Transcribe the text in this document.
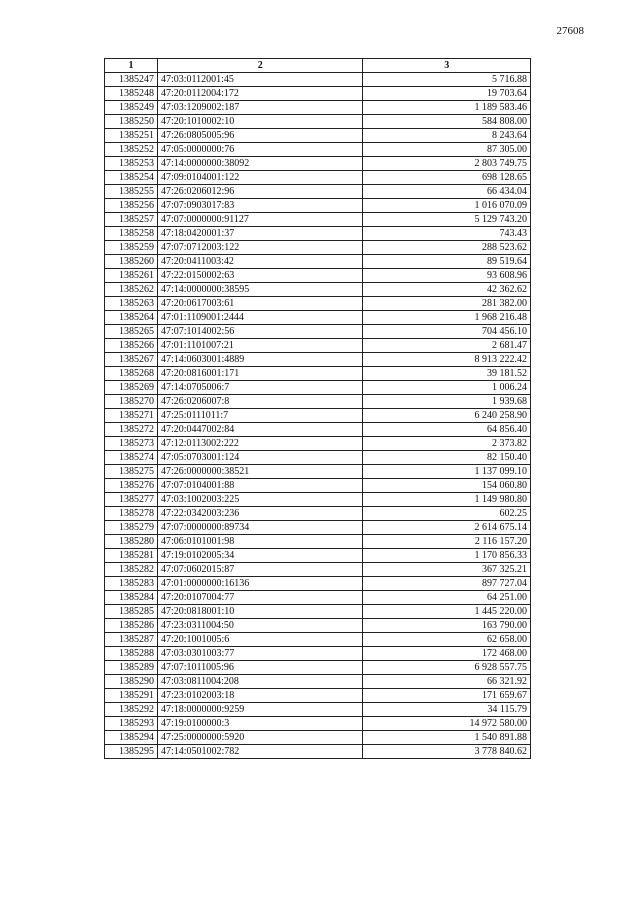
27608
1	2	3
1385247	47:03:0112001:45	5 716.88
1385248	47:20:0112004:172	19 703.64
1385249	47:03:1209002:187	1 189 583.46
1385250	47:20:1010002:10	584 808.00
1385251	47:26:0805005:96	8 243.64
1385252	47:05:0000000:76	87 305.00
1385253	47:14:0000000:38092	2 803 749.75
1385254	47:09:0104001:122	698 128.65
1385255	47:26:0206012:96	66 434.04
1385256	47:07:0903017:83	1 016 070.09
1385257	47:07:0000000:91127	5 129 743.20
1385258	47:18:0420001:37	743.43
1385259	47:07:0712003:122	288 523.62
1385260	47:20:0411003:42	89 519.64
1385261	47:22:0150002:63	93 608.96
1385262	47:14:0000000:38595	42 362.62
1385263	47:20:0617003:61	281 382.00
1385264	47:01:1109001:2444	1 968 216.48
1385265	47:07:1014002:56	704 456.10
1385266	47:01:1101007:21	2 681.47
1385267	47:14:0603001:4889	8 913 222.42
1385268	47:20:0816001:171	39 181.52
1385269	47:14:0705006:7	1 006.24
1385270	47:26:0206007:8	1 939.68
1385271	47:25:0111011:7	6 240 258.90
1385272	47:20:0447002:84	64 856.40
1385273	47:12:0113002:222	2 373.82
1385274	47:05:0703001:124	82 150.40
1385275	47:26:0000000:38521	1 137 099.10
1385276	47:07:0104001:88	154 060.80
1385277	47:03:1002003:225	1 149 980.80
1385278	47:22:0342003:236	602.25
1385279	47:07:0000000:89734	2 614 675.14
1385280	47:06:0101001:98	2 116 157.20
1385281	47:19:0102005:34	1 170 856.33
1385282	47:07:0602015:87	367 325.21
1385283	47:01:0000000:16136	897 727.04
1385284	47:20:0107004:77	64 251.00
1385285	47:20:0818001:10	1 445 220.00
1385286	47:23:0311004:50	163 790.00
1385287	47:20:1001005:6	62 658.00
1385288	47:03:0301003:77	172 468.00
1385289	47:07:1011005:96	6 928 557.75
1385290	47:03:0811004:208	66 321.92
1385291	47:23:0102003:18	171 659.67
1385292	47:18:0000000:9259	34 115.79
1385293	47:19:0100000:3	14 972 580.00
1385294	47:25:0000000:5920	1 540 891.88
1385295	47:14:0501002:782	3 778 840.62
